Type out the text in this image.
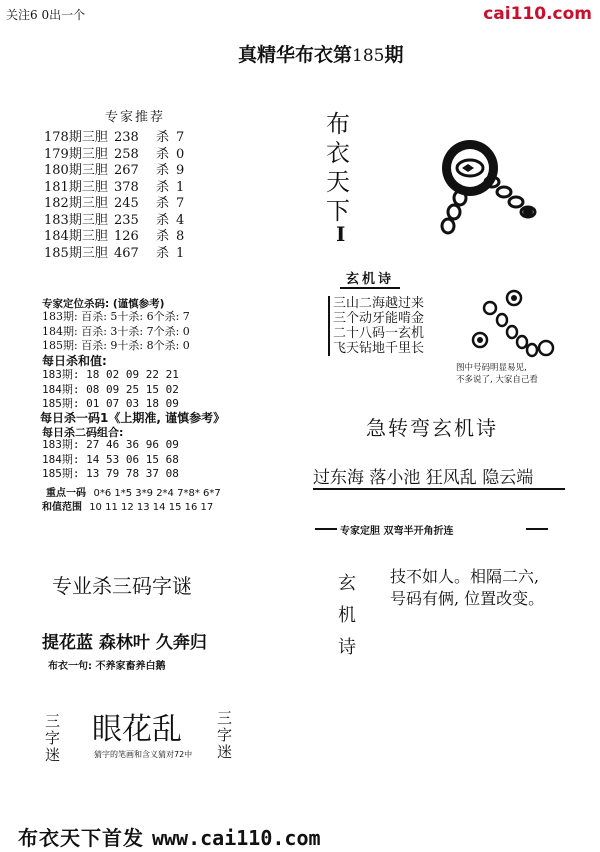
关注6 0出一个	cai110.com
真精华布衣第185期
专家推荐
178期三胆 238 杀 7
179期三胆 258 杀 0
180期三胆 267 杀 9
181期三胆 378 杀 1
182期三胆 245 杀 7
183期三胆 235 杀 4
184期三胆 126 杀 8
185期三胆 467 杀 1
专家定位杀码: (谨慎参考)
183期: 百杀: 5十杀: 6个杀: 7
184期: 百杀: 3十杀: 7个杀: 0
185期: 百杀: 9十杀: 8个杀: 0
每日杀和值:
183期: 18 02 09 22 21
184期: 08 09 25 15 02
185期: 01 07 03 18 09
每日杀一码1《上期准, 谨慎参考》
每日杀二码组合:
183期: 27 46 36 96 09
184期: 14 53 06 15 68
185期: 13 79 78 37 08
重点一码 0*6 1*5 3*9 2*4 7*8* 6*7
和值范围 10 11 12 13 14 15 16 17
专业杀三码字谜
提花蓝 森林叶 久奔归
布衣一句: 不养家畜养白鹅
三字迷	三字迷
眼花乱
猜字的笔画和含义猜对72中
布衣天下首发 www.cai110.com
布衣天下
I
玄机诗
三山二海越过来
三个动牙能啃金
二十八码一玄机
飞天钻地千里长
图中号码明显易见,
不多说了, 大家自己看
急转弯玄机诗
过东海 落小池 狂风乱 隐云端
专家定胆 双弯半开角折连
玄机诗
技不如人。相隔二六,
号码有俩, 位置改变。
